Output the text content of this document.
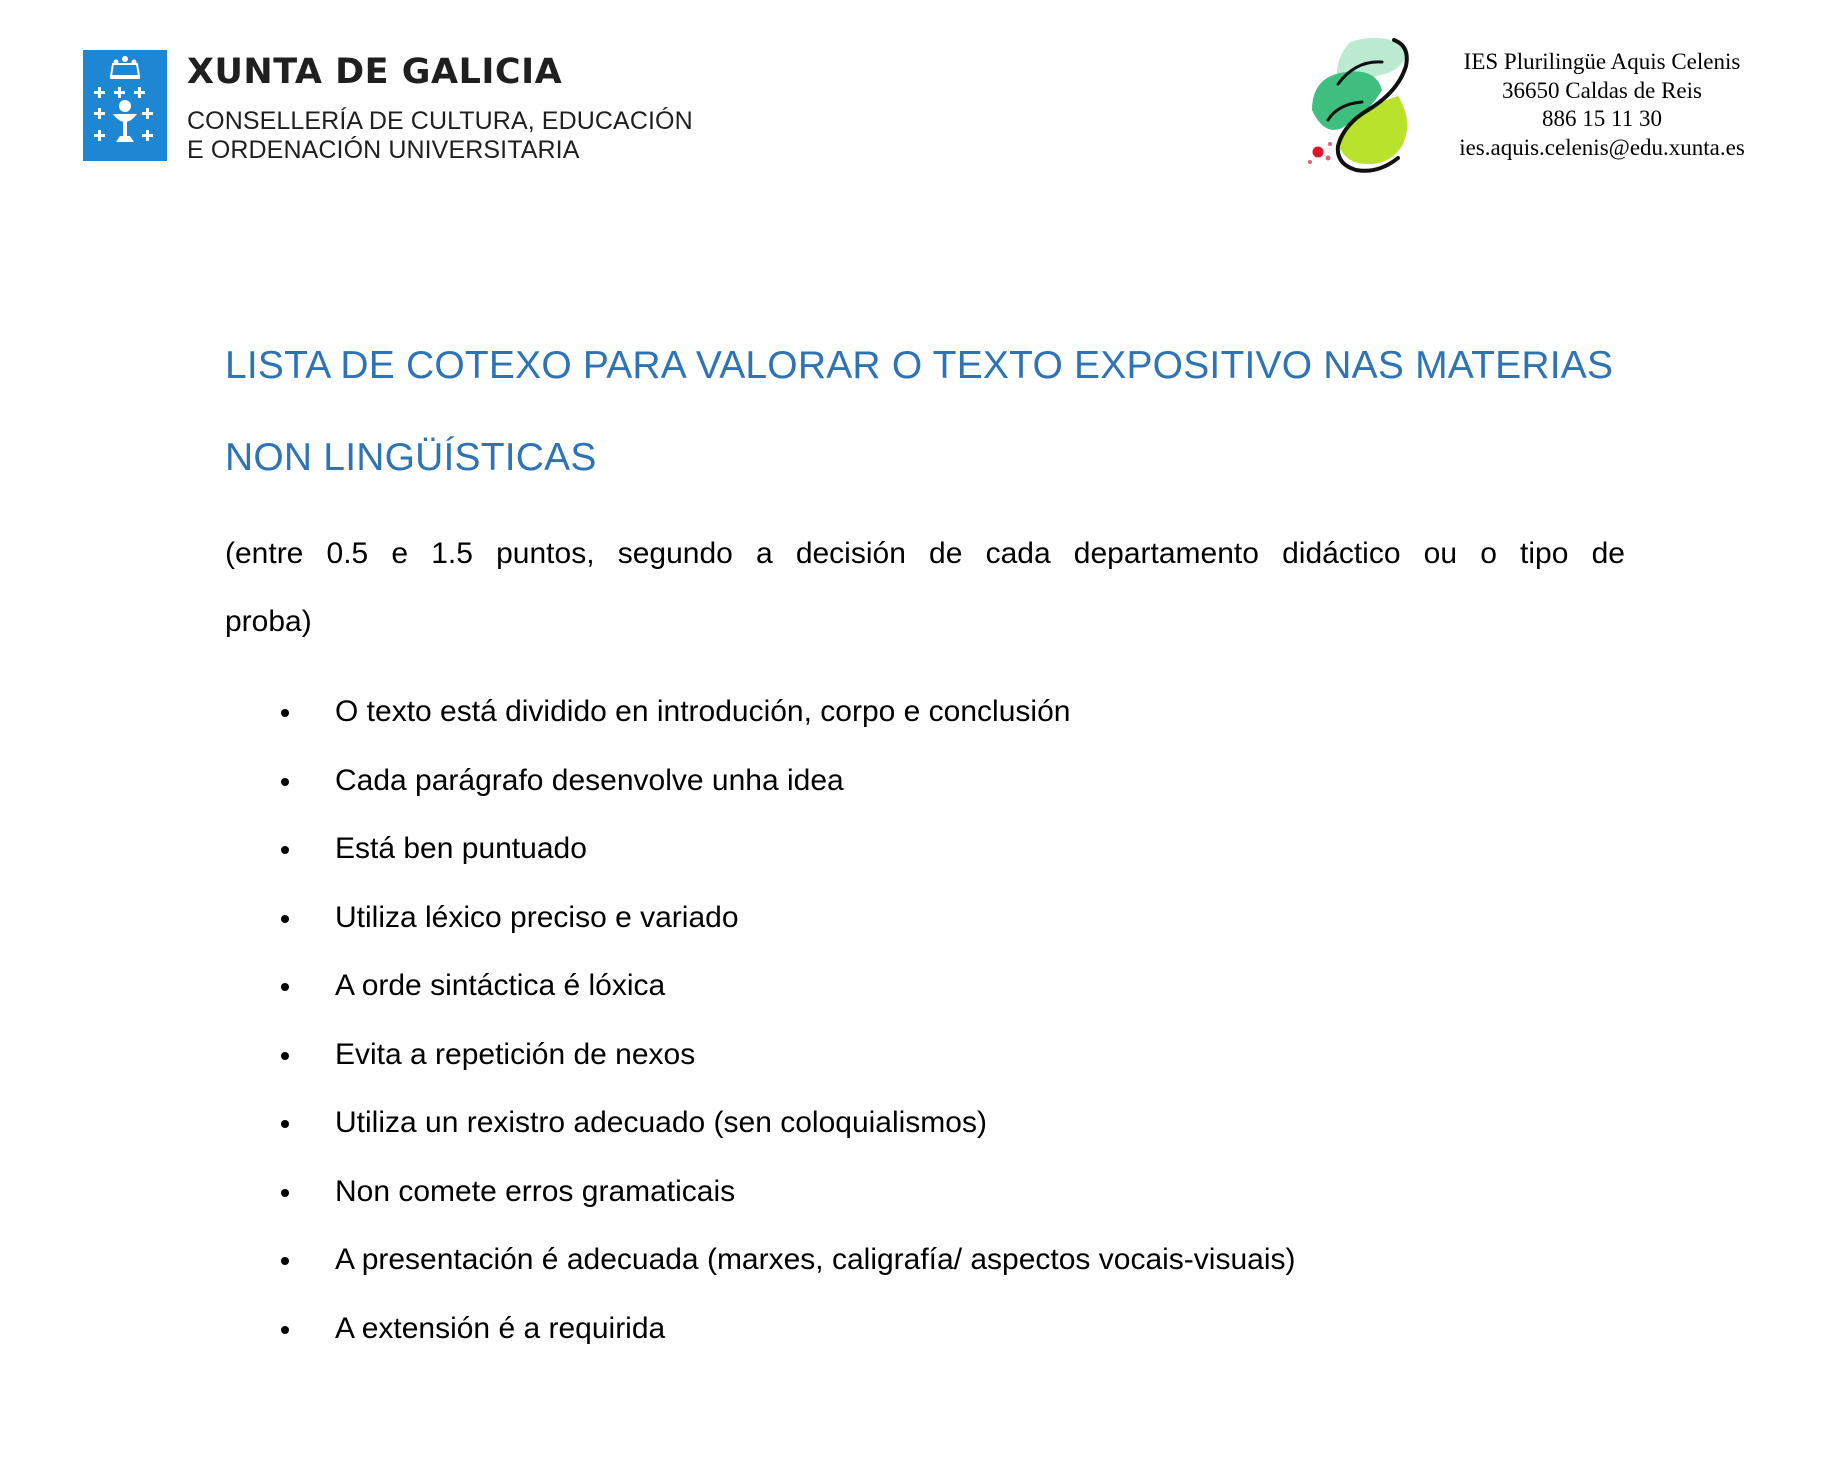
XUNTA DE GALICIA
CONSELLERÍA DE CULTURA, EDUCACIÓN
E ORDENACIÓN UNIVERSITARIA
IES Plurilingüe Aquis Celenis
36650 Caldas de Reis
886 15 11 30
ies.aquis.celenis@edu.xunta.es
LISTA DE COTEXO PARA VALORAR O TEXTO EXPOSITIVO NAS MATERIAS
NON LINGÜÍSTICAS
(entre 0.5 e 1.5 puntos, segundo a decisión de cada departamento didáctico ou o tipo de
proba)
O texto está dividido en introdución, corpo e conclusión
Cada parágrafo desenvolve unha idea
Está ben puntuado
Utiliza léxico preciso e variado
A orde sintáctica é lóxica
Evita a repetición de nexos
Utiliza un rexistro adecuado (sen coloquialismos)
Non comete erros gramaticais
A presentación é adecuada (marxes, caligrafía/ aspectos vocais-visuais)
A extensión é a requirida
